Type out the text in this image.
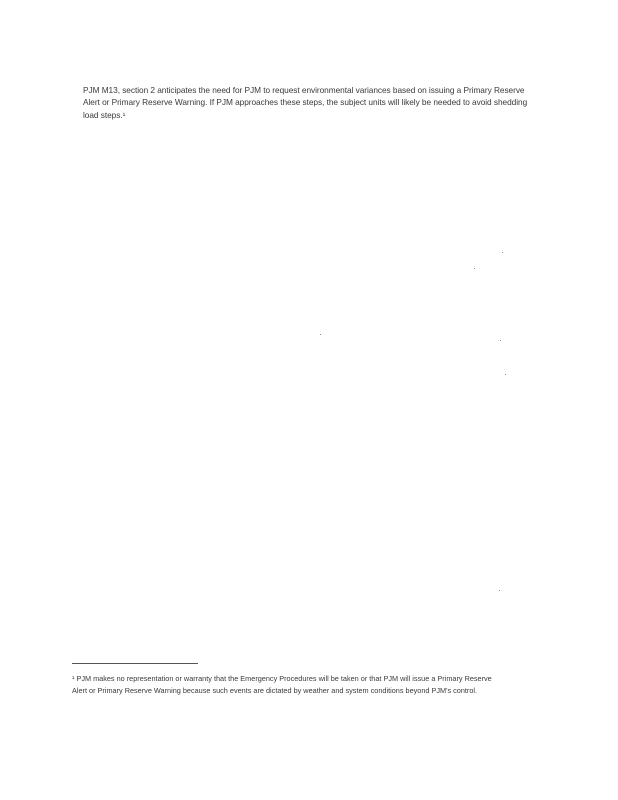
PJM M13, section 2 anticipates the need for PJM to request environmental variances based on issuing a Primary Reserve
Alert or Primary Reserve Warning. If PJM approaches these steps, the subject units will likely be needed to avoid shedding
load steps.¹
¹ PJM makes no representation or warranty that the Emergency Procedures will be taken or that PJM will issue a Primary Reserve
Alert or Primary Reserve Warning because such events are dictated by weather and system conditions beyond PJM's control.
